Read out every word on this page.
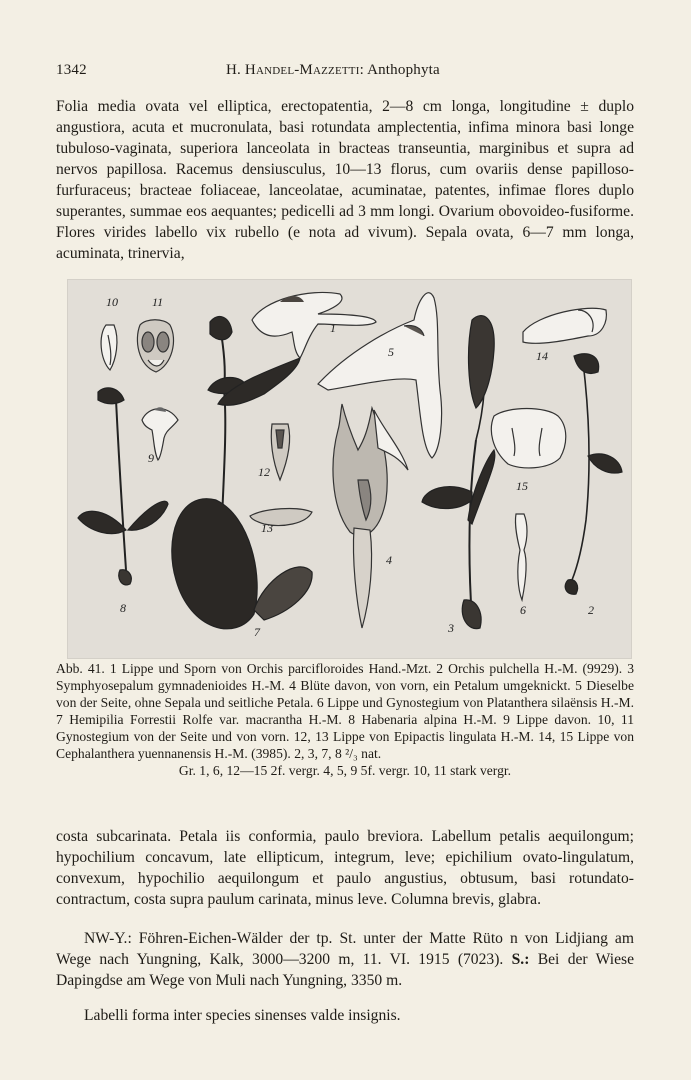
1342	H. Handel-Mazzetti: Anthophyta

Folia media ovata vel elliptica, erectopatentia, 2—8 cm longa, longitudine ± duplo angustiora, acuta et mucronulata, basi rotundata amplectentia, infima minora basi longe tubuloso-vaginata, superiora lanceolata in bracteas transeuntia, marginibus et supra ad nervos papillosa. Racemus densiusculus, 10—13 florus, cum ovariis dense papilloso-furfuraceus; bracteae foliaceae, lanceolatae, acuminatae, patentes, infimae flores duplo superantes, summae eos aequantes; pedicelli ad 3 mm longi. Ovarium obovoideo-fusiforme. Flores virides labello vix rubello (e nota ad vivum). Sepala ovata, 6—7 mm longa, acuminata, trinervia,

10	11
1
5	14
9
12
15
13
4
8
7	3
6	2

Abb. 41. 1 Lippe und Sporn von Orchis parcifloroides Hand.-Mzt. 2 Orchis pulchella H.-M. (9929). 3 Symphyosepalum gymnadenioides H.-M. 4 Blüte davon, von vorn, ein Petalum umgeknickt. 5 Dieselbe von der Seite, ohne Sepala und seitliche Petala. 6 Lippe und Gynostegium von Platanthera silaënsis H.-M. 7 Hemipilia Forrestii Rolfe var. macrantha H.-M. 8 Habenaria alpina H.-M. 9 Lippe davon. 10, 11 Gynostegium von der Seite und von vorn. 12, 13 Lippe von Epipactis lingulata H.-M. 14, 15 Lippe von Cephalanthera yuennanensis H.-M. (3985). 2, 3, 7, 8 ²/₃ nat.
Gr. 1, 6, 12—15 2f. vergr. 4, 5, 9 5f. vergr. 10, 11 stark vergr.

costa subcarinata. Petala iis conformia, paulo breviora. Labellum petalis aequilongum; hypochilium concavum, late ellipticum, integrum, leve; epichilium ovato-lingulatum, convexum, hypochilio aequilongum et paulo angustius, obtusum, basi rotundato-contractum, costa supra paulum carinata, minus leve. Columna brevis, glabra.

NW-Y.: Föhren-Eichen-Wälder der tp. St. unter der Matte Rüto n von Lidjiang am Wege nach Yungning, Kalk, 3000—3200 m, 11. VI. 1915 (7023). S.: Bei der Wiese Dapingdse am Wege von Muli nach Yungning, 3350 m.

Labelli forma inter species sinenses valde insignis.
